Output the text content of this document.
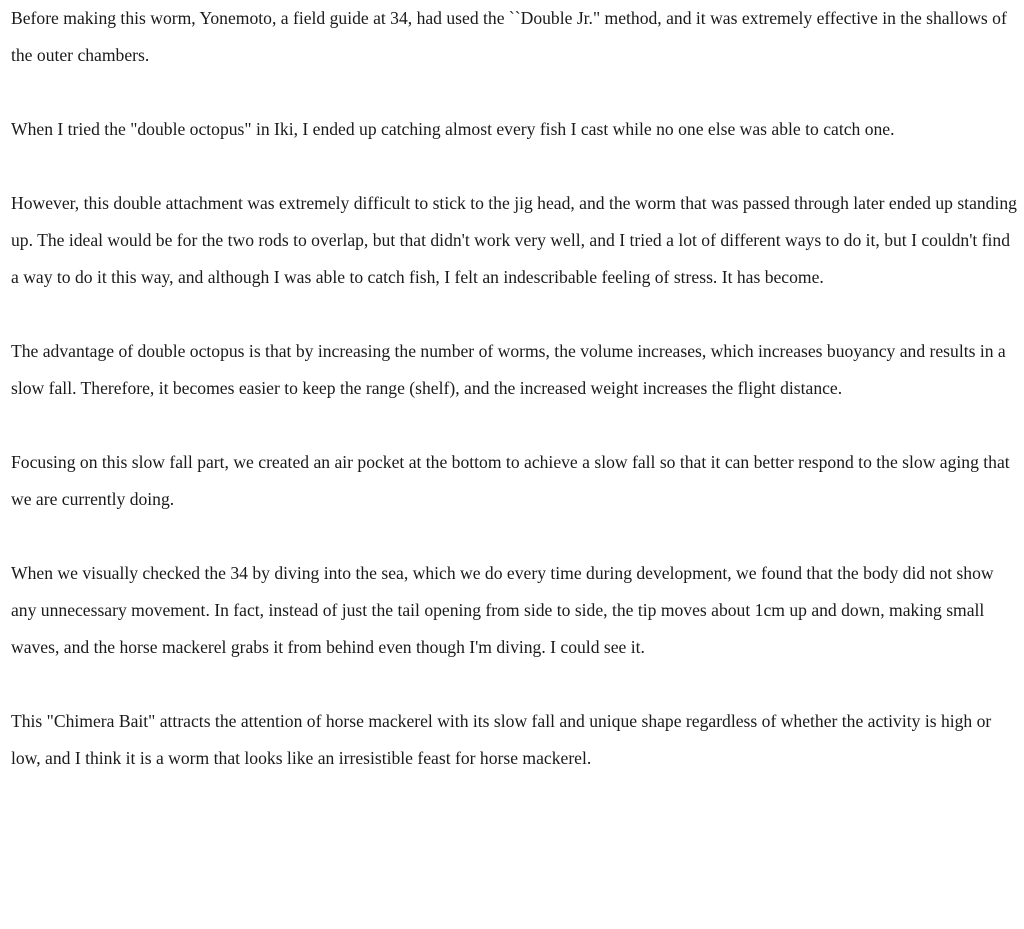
Before making this worm, Yonemoto, a field guide at 34, had used the ``Double Jr." method, and it was extremely effective in the shallows of the outer chambers.

When I tried the "double octopus" in Iki, I ended up catching almost every fish I cast while no one else was able to catch one.

However, this double attachment was extremely difficult to stick to the jig head, and the worm that was passed through later ended up standing up. The ideal would be for the two rods to overlap, but that didn't work very well, and I tried a lot of different ways to do it, but I couldn't find a way to do it this way, and although I was able to catch fish, I felt an indescribable feeling of stress. It has become.

The advantage of double octopus is that by increasing the number of worms, the volume increases, which increases buoyancy and results in a slow fall. Therefore, it becomes easier to keep the range (shelf), and the increased weight increases the flight distance.

Focusing on this slow fall part, we created an air pocket at the bottom to achieve a slow fall so that it can better respond to the slow aging that we are currently doing.

When we visually checked the 34 by diving into the sea, which we do every time during development, we found that the body did not show any unnecessary movement. In fact, instead of just the tail opening from side to side, the tip moves about 1cm up and down, making small waves, and the horse mackerel grabs it from behind even though I'm diving. I could see it.

This "Chimera Bait" attracts the attention of horse mackerel with its slow fall and unique shape regardless of whether the activity is high or low, and I think it is a worm that looks like an irresistible feast for horse mackerel.
